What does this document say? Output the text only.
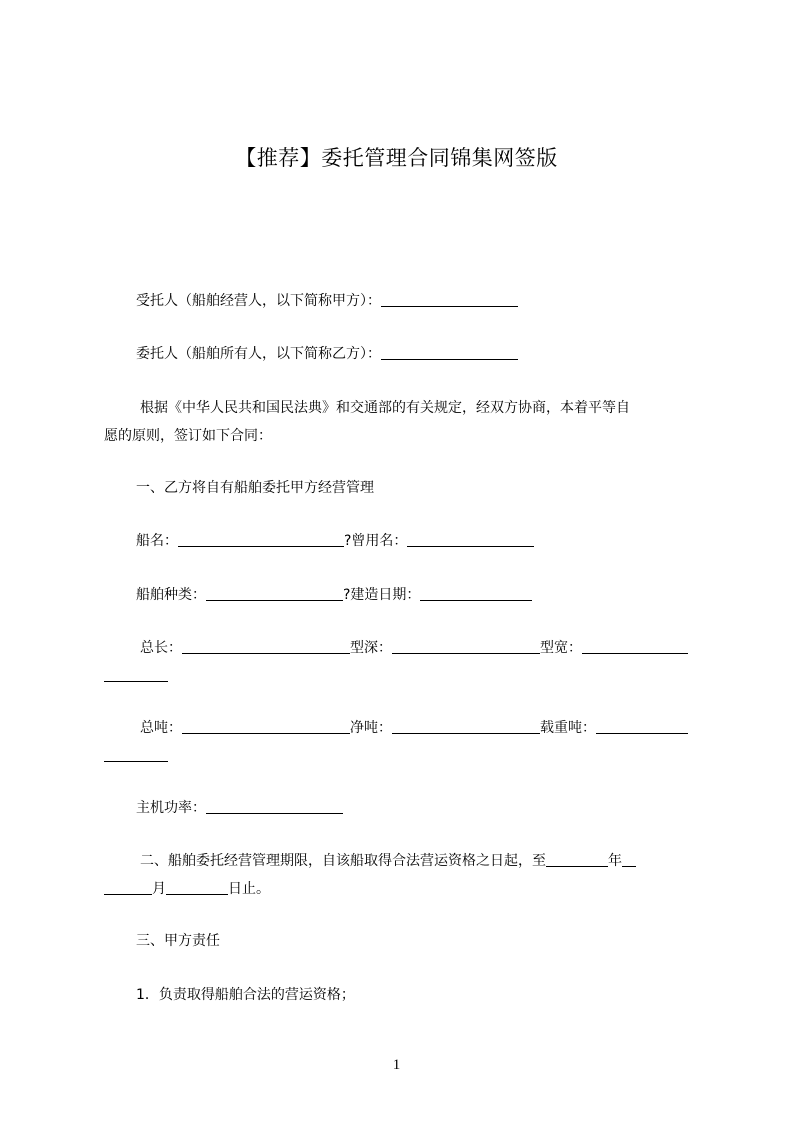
【推荐】委托管理合同锦集网签版
受托人（船舶经营人，以下简称甲方）：
委托人（船舶所有人，以下简称乙方）：
根据《中华人民共和国民法典》和交通部的有关规定，经双方协商，本着平等自
愿的原则，签订如下合同：
一、乙方将自有船舶委托甲方经营管理
船名：	?曾用名：
船舶种类：	?建造日期：
总长：	型深：	型宽：

总吨：	净吨：	载重吨：

主机功率：
二、船舶委托经营管理期限，自该船取得合法营运资格之日起，至	年
月	日止。
三、甲方责任
1．负责取得船舶合法的营运资格；
1
